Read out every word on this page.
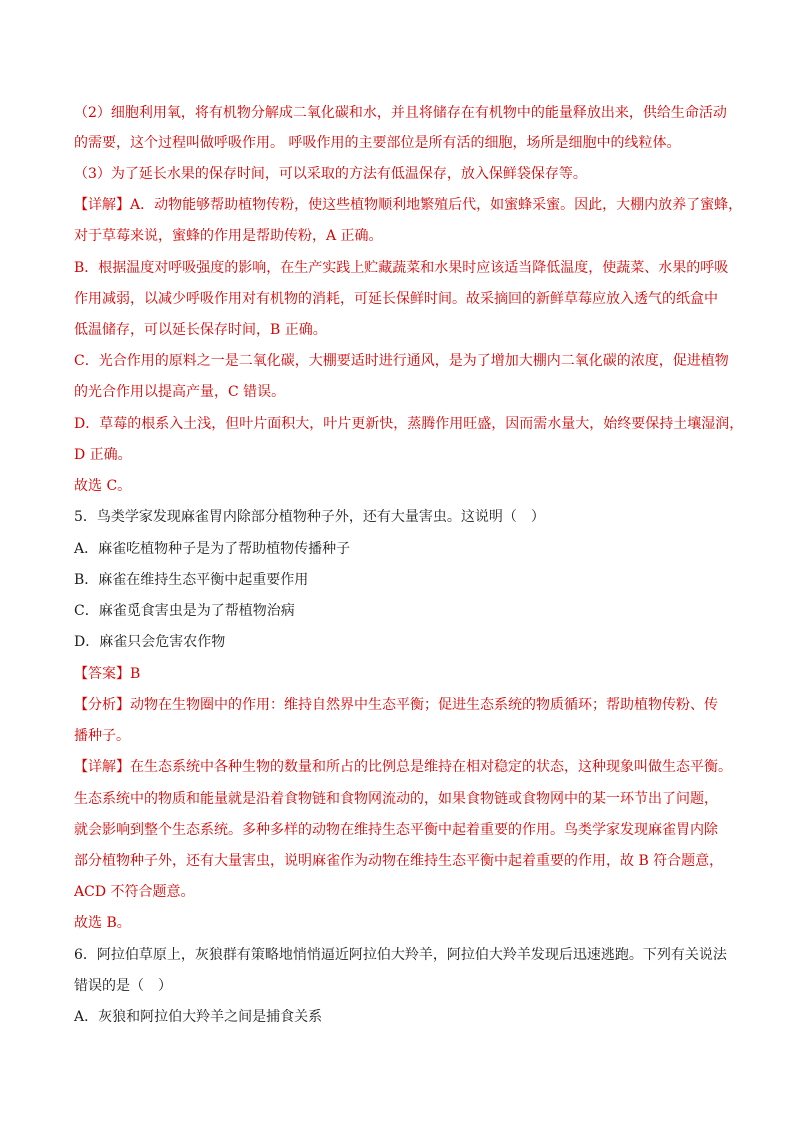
（2）细胞利用氧，将有机物分解成二氧化碳和水，并且将储存在有机物中的能量释放出来，供给生命活动
的需要，这个过程叫做呼吸作用。 呼吸作用的主要部位是所有活的细胞，场所是细胞中的线粒体。
（3）为了延长水果的保存时间，可以采取的方法有低温保存，放入保鲜袋保存等。
【详解】A．动物能够帮助植物传粉，使这些植物顺利地繁殖后代，如蜜蜂采蜜。因此，大棚内放养了蜜蜂，
对于草莓来说，蜜蜂的作用是帮助传粉，A 正确。
B．根据温度对呼吸强度的影响，在生产实践上贮藏蔬菜和水果时应该适当降低温度，使蔬菜、水果的呼吸
作用减弱，以减少呼吸作用对有机物的消耗，可延长保鲜时间。故采摘回的新鲜草莓应放入透气的纸盒中
低温储存，可以延长保存时间，B 正确。
C．光合作用的原料之一是二氧化碳，大棚要适时进行通风，是为了增加大棚内二氧化碳的浓度，促进植物
的光合作用以提高产量，C 错误。
D．草莓的根系入土浅，但叶片面积大，叶片更新快，蒸腾作用旺盛，因而需水量大，始终要保持土壤湿润，
D 正确。
故选 C。
5．鸟类学家发现麻雀胃内除部分植物种子外，还有大量害虫。这说明（　）
A．麻雀吃植物种子是为了帮助植物传播种子
B．麻雀在维持生态平衡中起重要作用
C．麻雀觅食害虫是为了帮植物治病
D．麻雀只会危害农作物
【答案】B
【分析】动物在生物圈中的作用：维持自然界中生态平衡；促进生态系统的物质循环；帮助植物传粉、传
播种子。
【详解】在生态系统中各种生物的数量和所占的比例总是维持在相对稳定的状态，这种现象叫做生态平衡。
生态系统中的物质和能量就是沿着食物链和食物网流动的，如果食物链或食物网中的某一环节出了问题，
就会影响到整个生态系统。多种多样的动物在维持生态平衡中起着重要的作用。鸟类学家发现麻雀胃内除
部分植物种子外，还有大量害虫，说明麻雀作为动物在维持生态平衡中起着重要的作用，故 B 符合题意，
ACD 不符合题意。
故选 B。
6．阿拉伯草原上，灰狼群有策略地悄悄逼近阿拉伯大羚羊，阿拉伯大羚羊发现后迅速逃跑。下列有关说法
错误的是（　）
A．灰狼和阿拉伯大羚羊之间是捕食关系
